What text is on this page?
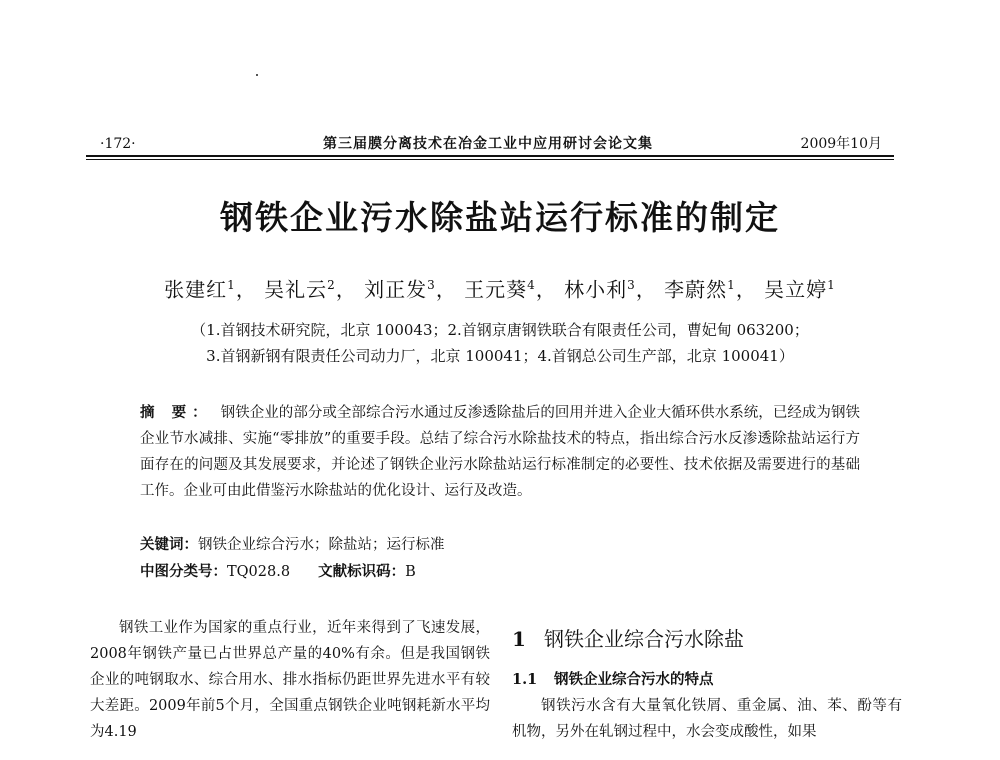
·172·	第三届膜分离技术在冶金工业中应用研讨会论文集	2009年10月
钢铁企业污水除盐站运行标准的制定
张建红$^1$， 吴礼云$^2$， 刘正发$^3$， 王元葵$^4$， 林小利$^3$， 李蔚然$^1$， 吴立婷$^1$
（1.首钢技术研究院，北京 100043；2.首钢京唐钢铁联合有限责任公司，曹妃甸 063200；
3.首钢新钢有限责任公司动力厂，北京 100041；4.首钢总公司生产部，北京 100041）
摘 要： 钢铁企业的部分或全部综合污水通过反渗透除盐后的回用并进入企业大循环供水系统，已经成为钢铁企业节水减排、实施“零排放”的重要手段。总结了综合污水除盐技术的特点，指出综合污水反渗透除盐站运行方面存在的问题及其发展要求，并论述了钢铁企业污水除盐站运行标准制定的必要性、技术依据及需要进行的基础工作。企业可由此借鉴污水除盐站的优化设计、运行及改造。
关键词：钢铁企业综合污水；除盐站；运行标准
中图分类号：TQ028.8 文献标识码：B

钢铁工业作为国家的重点行业，近年来得到了飞速发展，2008年钢铁产量已占世界总产量的40%有余。但是我国钢铁企业的吨钢取水、综合用水、排水指标仍距世界先进水平有较大差距。2009年前5个月，全国重点钢铁企业吨钢耗新水平均为4.19

1 钢铁企业综合污水除盐
1.1 钢铁企业综合污水的特点

钢铁污水含有大量氧化铁屑、重金属、油、苯、酚等有机物，另外在轧钢过程中，水会变成酸性，如果
